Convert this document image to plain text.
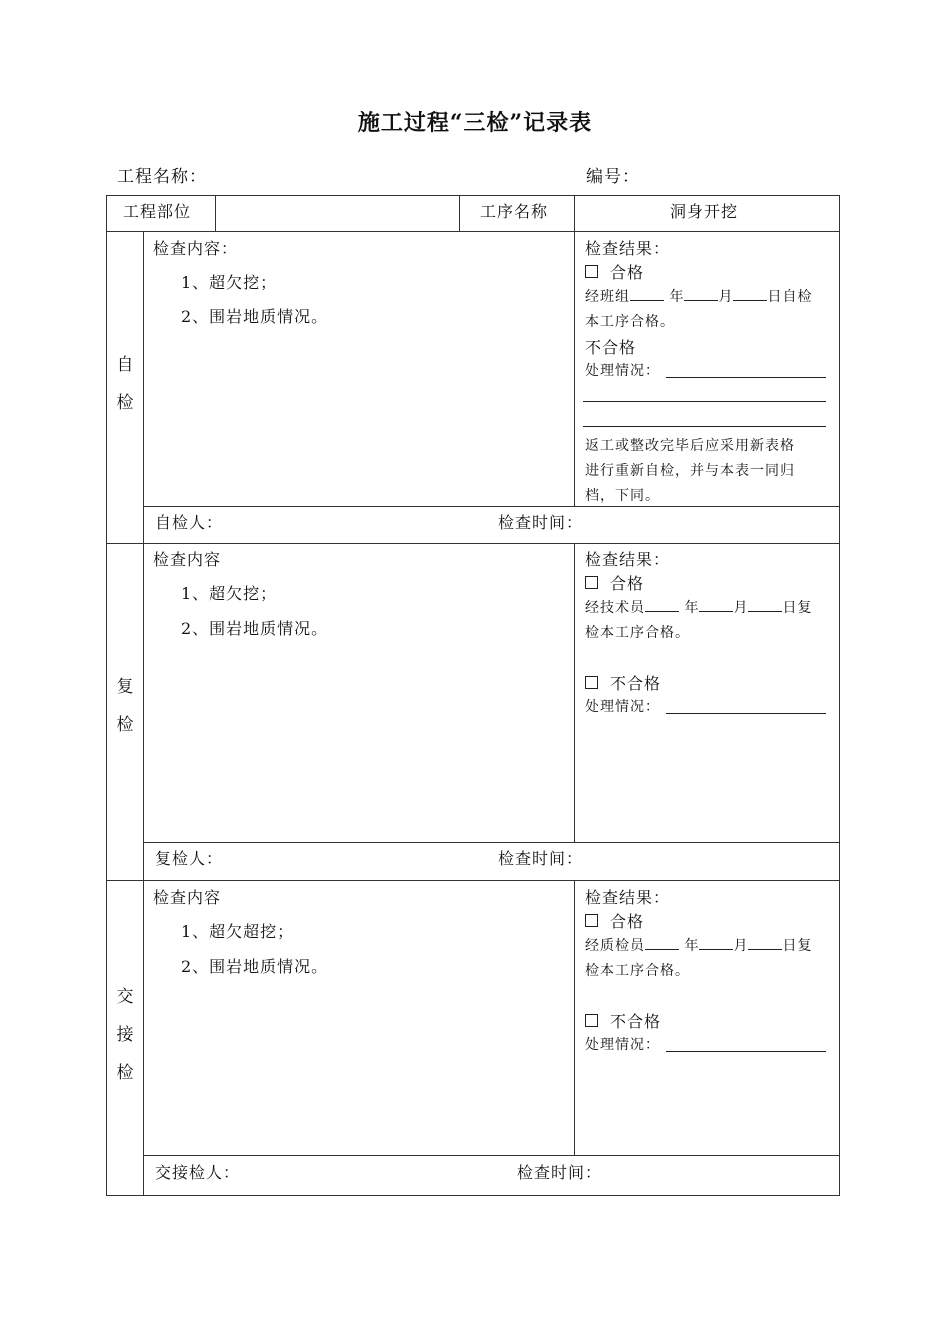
施工过程“三检”记录表
工程名称：	编号：
工程部位	工序名称	洞身开挖
自
检
检查内容：
1、超欠挖；
2、围岩地质情况。
检查结果：
合格
经班组	年 月 日自检
本工序合格。
不合格
处理情况：
返工或整改完毕后应采用新表格
进行重新自检，并与本表一同归
档，下同。
自检人：	检查时间：
复
检
检查内容
1、超欠挖；
2、围岩地质情况。
检查结果：
合格
经技术员	年 月 日复
检本工序合格。
不合格
处理情况：
复检人：	检查时间：
交
接
检
检查内容
1、超欠超挖；
2、围岩地质情况。
检查结果：
合格
经质检员	年 月 日复
检本工序合格。
不合格
处理情况：
交接检人：	检查时间：
